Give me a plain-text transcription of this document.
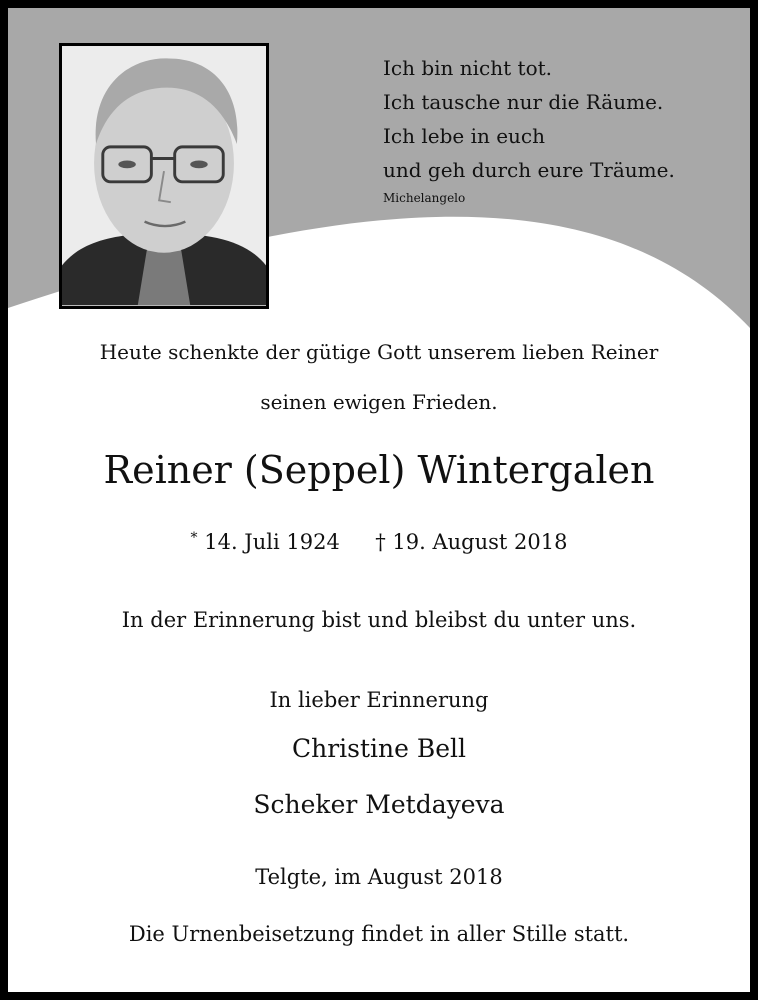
Ich bin nicht tot.
Ich tausche nur die Räume.
Ich lebe in euch
und geh durch eure Träume.
Michelangelo
Heute schenkte der gütige Gott unserem lieben Reiner
seinen ewigen Frieden.
Reiner (Seppel) Wintergalen
* 14. Juli 1924 † 19. August 2018
In der Erinnerung bist und bleibst du unter uns.
In lieber Erinnerung
Christine Bell
Scheker Metdayeva
Telgte, im August 2018
Die Urnenbeisetzung findet in aller Stille statt.
